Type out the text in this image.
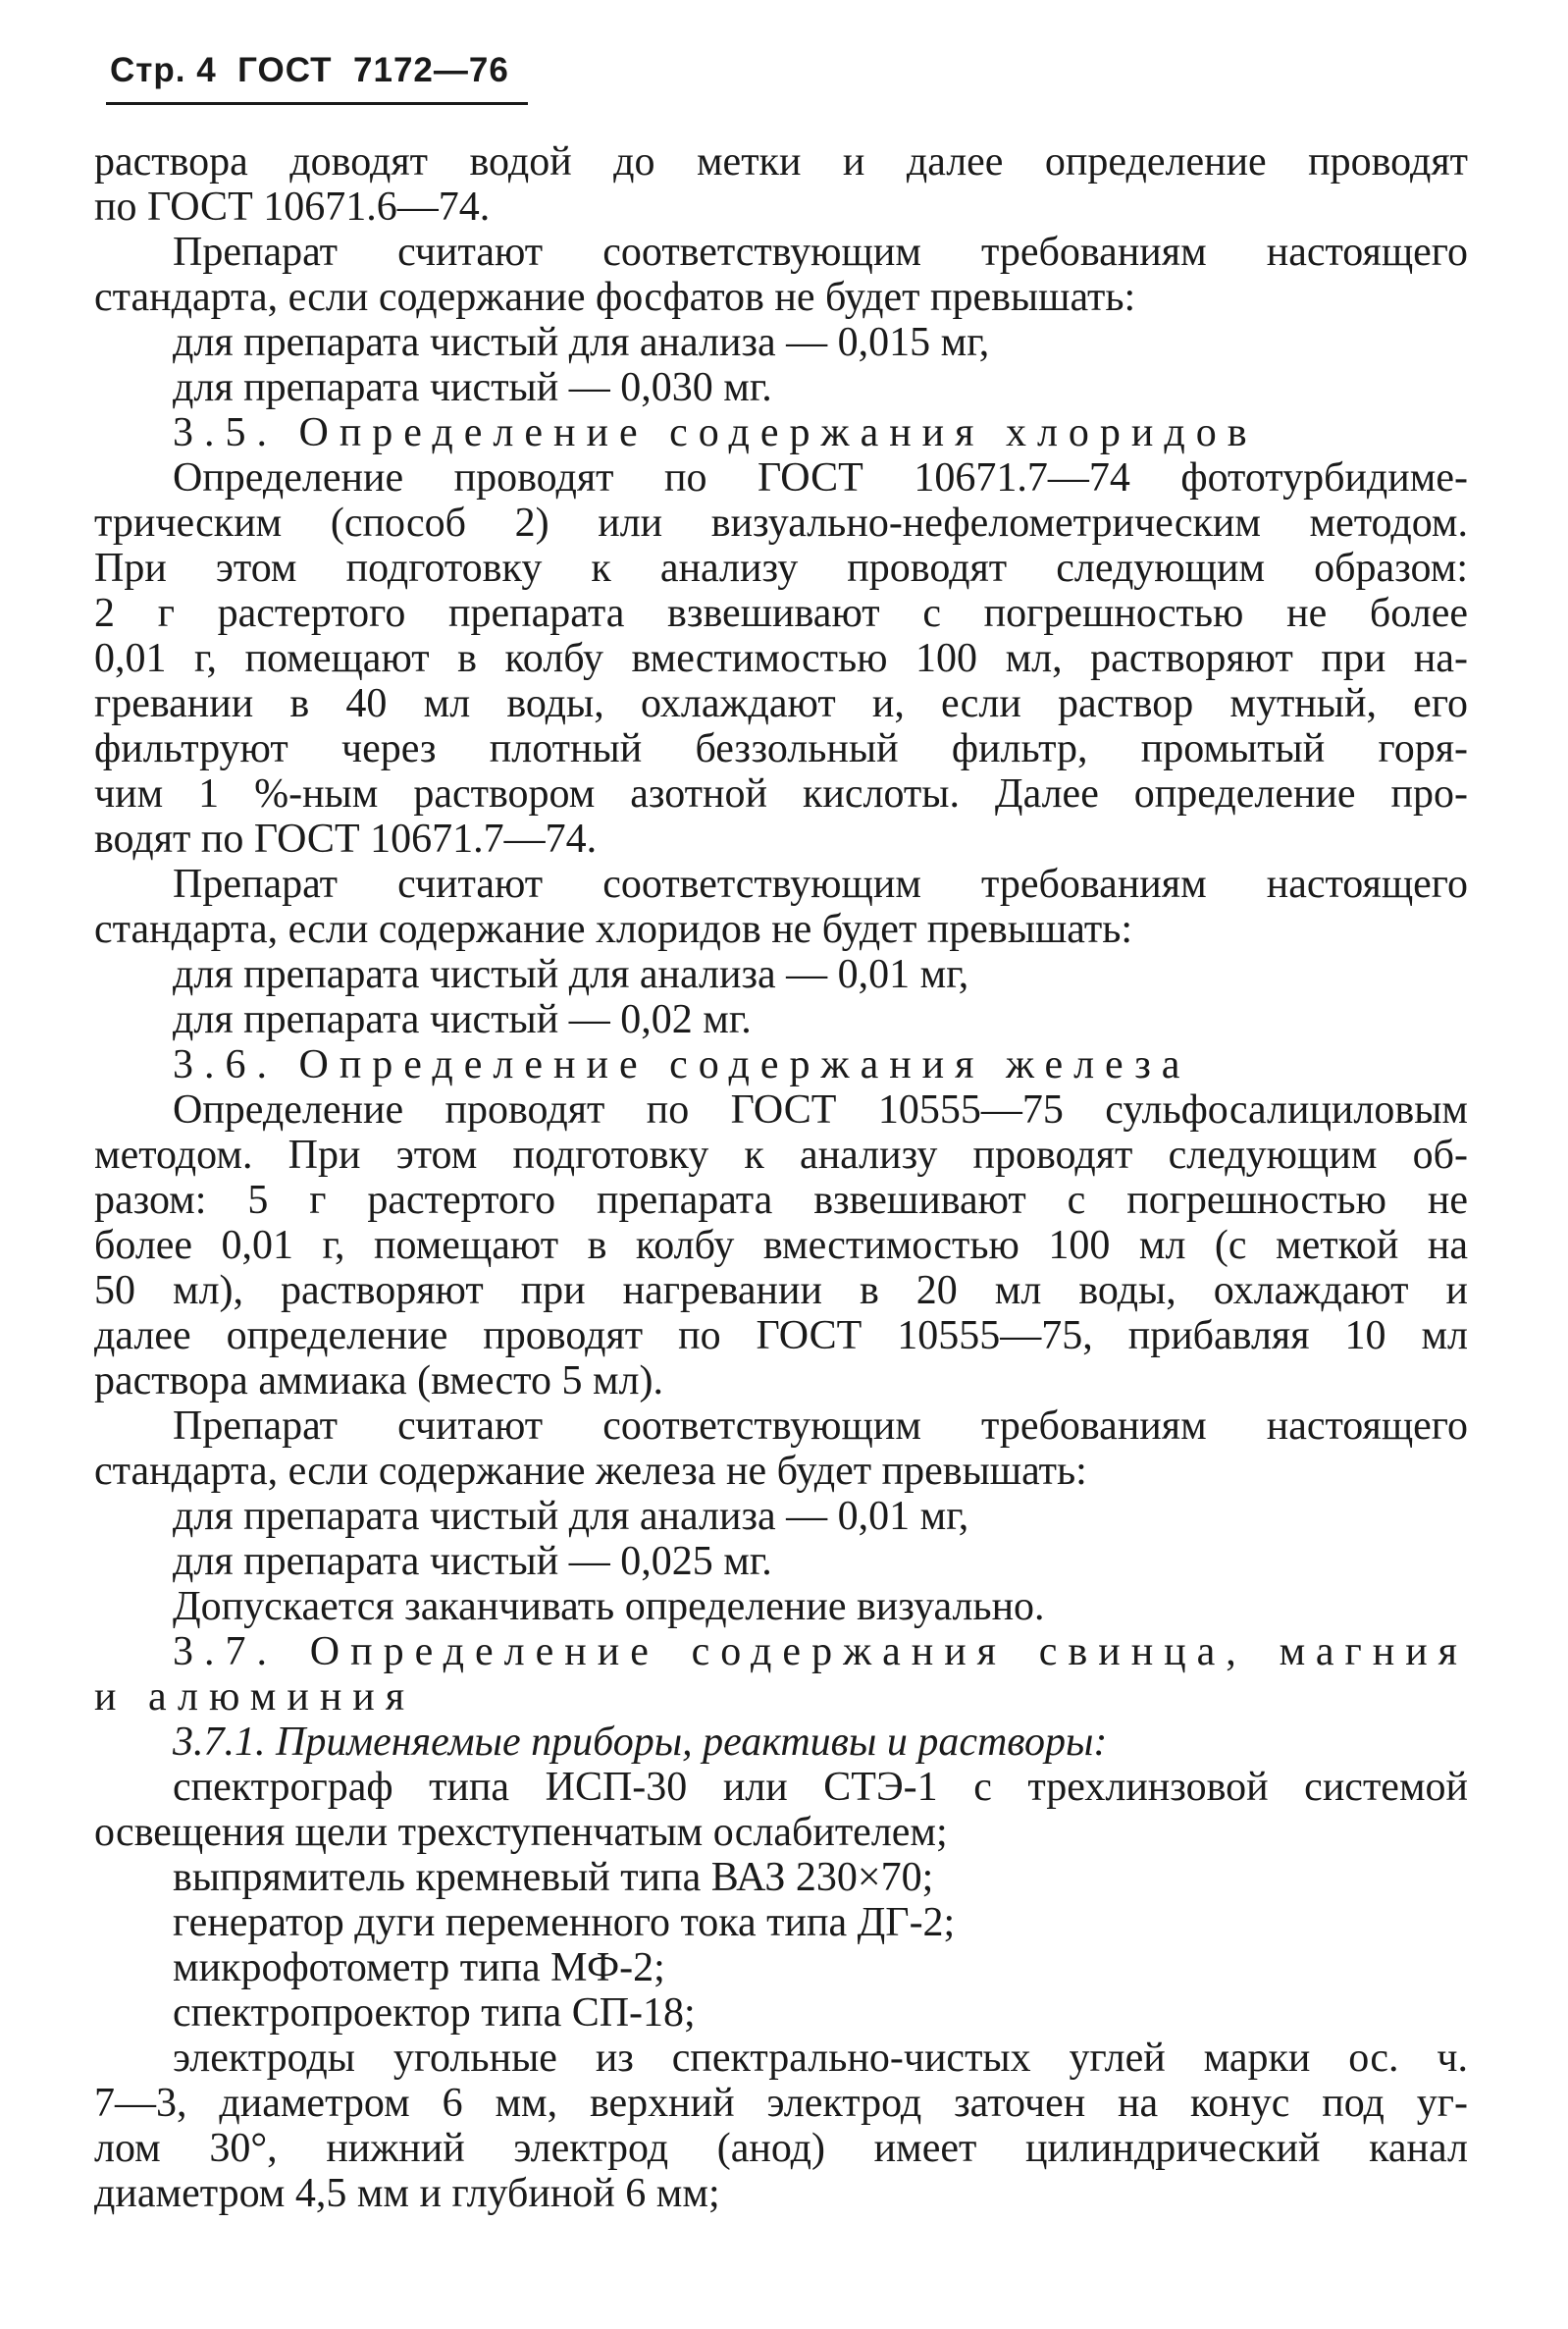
Стр. 4 ГОСТ 7172—76
раствора доводят водой до метки и далее определение проводят
по ГОСТ 10671.6—74.
Препарат считают соответствующим требованиям настоящего
стандарта, если содержание фосфатов не будет превышать:
для препарата чистый для анализа — 0,015 мг,
для препарата чистый — 0,030 мг.
3.5. Определение содержания хлоридов
Определение проводят по ГОСТ 10671.7—74 фототурбидиме-
трическим (способ 2) или визуально-нефелометрическим методом.
При этом подготовку к анализу проводят следующим образом:
2 г растертого препарата взвешивают с погрешностью не более
0,01 г, помещают в колбу вместимостью 100 мл, растворяют при на-
гревании в 40 мл воды, охлаждают и, если раствор мутный, его
фильтруют через плотный беззольный фильтр, промытый горя-
чим 1 %-ным раствором азотной кислоты. Далее определение про-
водят по ГОСТ 10671.7—74.
Препарат считают соответствующим требованиям настоящего
стандарта, если содержание хлоридов не будет превышать:
для препарата чистый для анализа — 0,01 мг,
для препарата чистый — 0,02 мг.
3.6. Определение содержания железа
Определение проводят по ГОСТ 10555—75 сульфосалициловым
методом. При этом подготовку к анализу проводят следующим об-
разом: 5 г растертого препарата взвешивают с погрешностью не
более 0,01 г, помещают в колбу вместимостью 100 мл (с меткой на
50 мл), растворяют при нагревании в 20 мл воды, охлаждают и
далее определение проводят по ГОСТ 10555—75, прибавляя 10 мл
раствора аммиака (вместо 5 мл).
Препарат считают соответствующим требованиям настоящего
стандарта, если содержание железа не будет превышать:
для препарата чистый для анализа — 0,01 мг,
для препарата чистый — 0,025 мг.
Допускается заканчивать определение визуально.
3.7. Определение содержания свинца, магния
и алюминия
3.7.1. Применяемые приборы, реактивы и растворы:
спектрограф типа ИСП-30 или СТЭ-1 с трехлинзовой системой
освещения щели трехступенчатым ослабителем;
выпрямитель кремневый типа ВАЗ 230×70;
генератор дуги переменного тока типа ДГ-2;
микрофотометр типа МФ-2;
спектропроектор типа СП-18;
электроды угольные из спектрально-чистых углей марки ос. ч.
7—3, диаметром 6 мм, верхний электрод заточен на конус под уг-
лом 30°, нижний электрод (анод) имеет цилиндрический канал
диаметром 4,5 мм и глубиной 6 мм;
